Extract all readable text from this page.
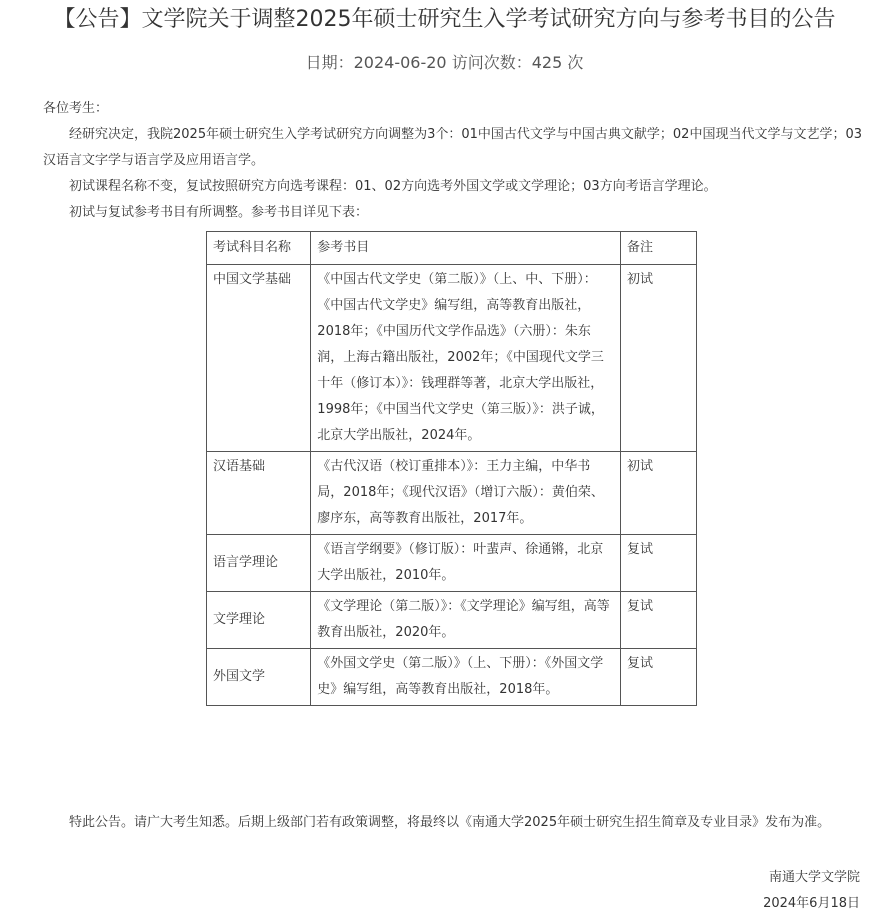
【公告】文学院关于调整2025年硕士研究生入学考试研究方向与参考书目的公告
日期：2024-06-20 访问次数：425 次

各位考生：

经研究决定，我院2025年硕士研究生入学考试研究方向调整为3个：01中国古代文学与中国古典文献学；02中国现当代文学与文艺学；03汉语言文字学与语言学及应用语言学。

初试课程名称不变，复试按照研究方向选考课程：01、02方向选考外国文学或文学理论；03方向考语言学理论。

初试与复试参考书目有所调整。参考书目详见下表：

考试科目名称	参考书目	备注
中国文学基础	《中国古代文学史（第二版）》（上、中、下册）：《中国古代文学史》编写组，高等教育出版社，2018年；《中国历代文学作品选》（六册）：朱东润，上海古籍出版社，2002年；《中国现代文学三十年（修订本）》：钱理群等著，北京大学出版社，1998年；《中国当代文学史（第三版）》：洪子诚，北京大学出版社，2024年。	初试
汉语基础	《古代汉语（校订重排本）》：王力主编，中华书局，2018年；《现代汉语》（增订六版）：黄伯荣、廖序东，高等教育出版社，2017年。	初试
语言学理论	《语言学纲要》（修订版）：叶蜚声、徐通锵，北京大学出版社，2010年。	复试
文学理论	《文学理论（第二版）》：《文学理论》编写组，高等教育出版社，2020年。	复试
外国文学	《外国文学史（第二版）》（上、下册）：《外国文学史》编写组，高等教育出版社，2018年。	复试
特此公告。请广大考生知悉。后期上级部门若有政策调整，将最终以《南通大学2025年硕士研究生招生简章及专业目录》发布为准。
南通大学文学院
2024年6月18日
